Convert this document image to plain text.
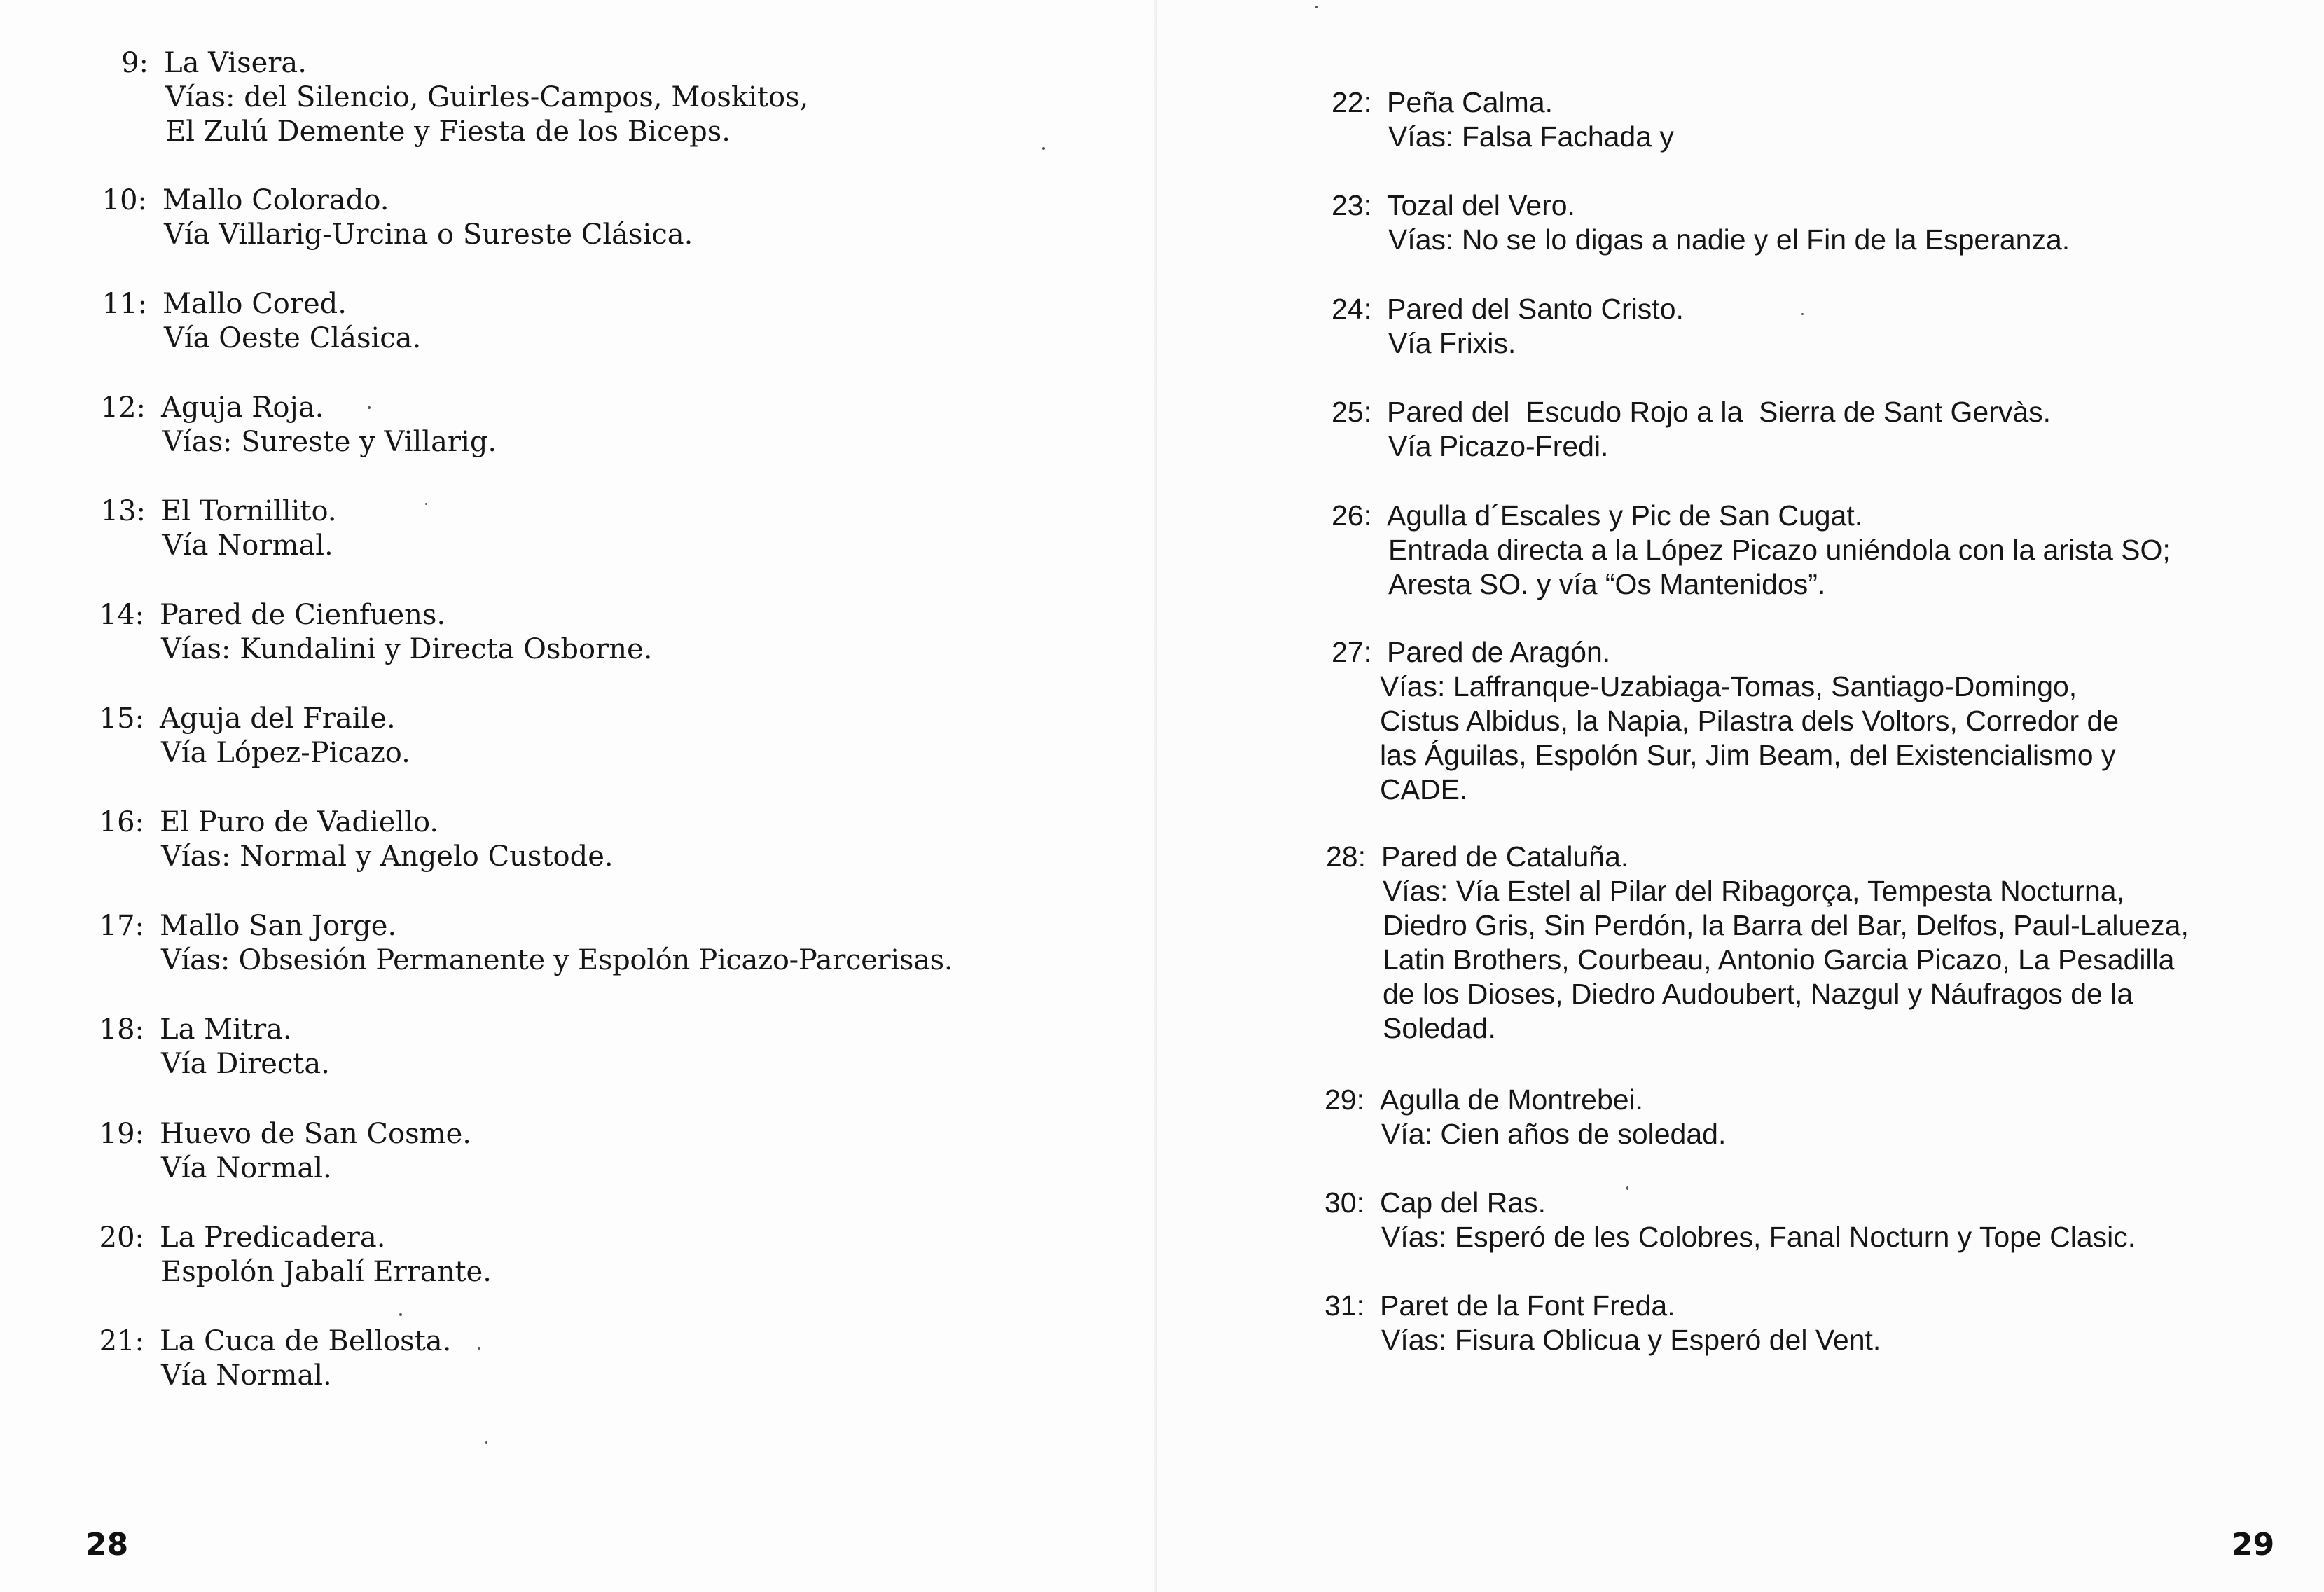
9: La Visera.
Vías: del Silencio, Guirles-Campos, Moskitos,
El Zulú Demente y Fiesta de los Biceps.
10: Mallo Colorado.
Vía Villarig-Urcina o Sureste Clásica.
11: Mallo Cored.
Vía Oeste Clásica.
12: Aguja Roja.
Vías: Sureste y Villarig.
13: El Tornillito.
Vía Normal.
14: Pared de Cienfuens.
Vías: Kundalini y Directa Osborne.
15: Aguja del Fraile.
Vía López-Picazo.
16: El Puro de Vadiello.
Vías: Normal y Angelo Custode.
17: Mallo San Jorge.
Vías: Obsesión Permanente y Espolón Picazo-Parcerisas.
18: La Mitra.
Vía Directa.
19: Huevo de San Cosme.
Vía Normal.
20: La Predicadera.
Espolón Jabalí Errante.
21: La Cuca de Bellosta.
Vía Normal.
28
22: Peña Calma.
Vías: Falsa Fachada y
23: Tozal del Vero.
Vías: No se lo digas a nadie y el Fin de la Esperanza.
24: Pared del Santo Cristo.
Vía Frixis.
25: Pared del  Escudo Rojo a la  Sierra de Sant Gervàs.
Vía Picazo-Fredi.
26: Agulla d´Escales y Pic de San Cugat.
Entrada directa a la López Picazo uniéndola con la arista SO;
Aresta SO. y vía “Os Mantenidos”.
27: Pared de Aragón.
Vías: Laffranque-Uzabiaga-Tomas, Santiago-Domingo,
Cistus Albidus, la Napia, Pilastra dels Voltors, Corredor de
las Águilas, Espolón Sur, Jim Beam, del Existencialismo y
CADE.
28: Pared de Cataluña.
Vías: Vía Estel al Pilar del Ribagorça, Tempesta Nocturna,
Diedro Gris, Sin Perdón, la Barra del Bar, Delfos, Paul-Lalueza,
Latin Brothers, Courbeau, Antonio Garcia Picazo, La Pesadilla
de los Dioses, Diedro Audoubert, Nazgul y Náufragos de la
Soledad.
29: Agulla de Montrebei.
Vía: Cien años de soledad.
30: Cap del Ras.
Vías: Esperó de les Colobres, Fanal Nocturn y Tope Clasic.
31: Paret de la Font Freda.
Vías: Fisura Oblicua y Esperó del Vent.
29
